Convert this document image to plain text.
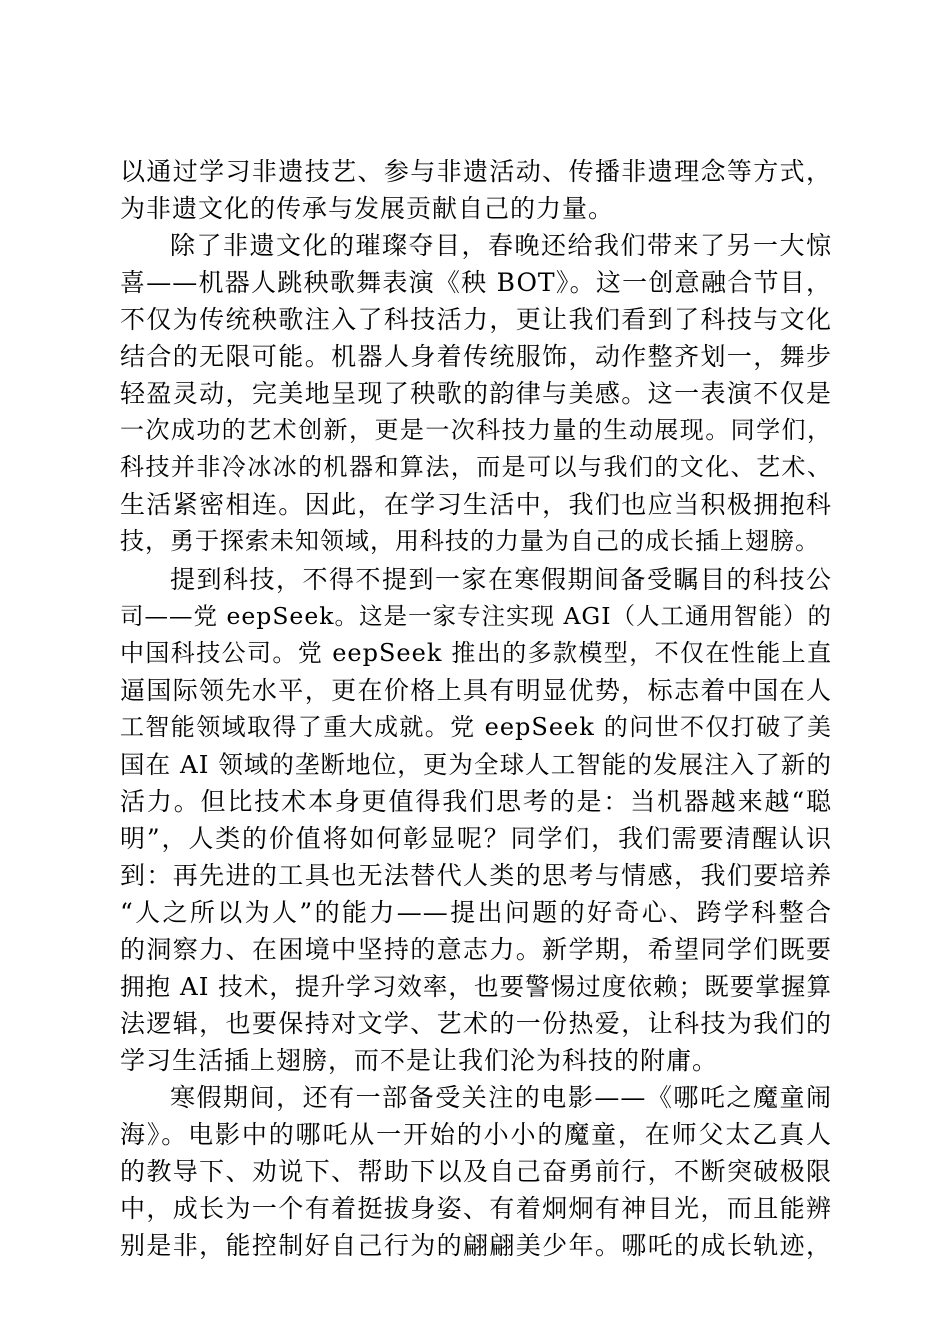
以通过学习非遗技艺、参与非遗活动、传播非遗理念等方式，
为非遗文化的传承与发展贡献自己的力量。
除了非遗文化的璀璨夺目，春晚还给我们带来了另一大惊
喜——机器人跳秧歌舞表演《秧 BOT》。这一创意融合节目，
不仅为传统秧歌注入了科技活力，更让我们看到了科技与文化
结合的无限可能。机器人身着传统服饰，动作整齐划一，舞步
轻盈灵动，完美地呈现了秧歌的韵律与美感。这一表演不仅是
一次成功的艺术创新，更是一次科技力量的生动展现。同学们，
科技并非冷冰冰的机器和算法，而是可以与我们的文化、艺术、
生活紧密相连。因此，在学习生活中，我们也应当积极拥抱科
技，勇于探索未知领域，用科技的力量为自己的成长插上翅膀。
提到科技，不得不提到一家在寒假期间备受瞩目的科技公
司——党 eepSeek。这是一家专注实现 AGI（人工通用智能）的
中国科技公司。党 eepSeek 推出的多款模型，不仅在性能上直
逼国际领先水平，更在价格上具有明显优势，标志着中国在人
工智能领域取得了重大成就。党 eepSeek 的问世不仅打破了美
国在 AI 领域的垄断地位，更为全球人工智能的发展注入了新的
活力。但比技术本身更值得我们思考的是：当机器越来越“聪
明”，人类的价值将如何彰显呢？同学们，我们需要清醒认识
到：再先进的工具也无法替代人类的思考与情感，我们要培养
“人之所以为人”的能力——提出问题的好奇心、跨学科整合
的洞察力、在困境中坚持的意志力。新学期，希望同学们既要
拥抱 AI 技术，提升学习效率，也要警惕过度依赖；既要掌握算
法逻辑，也要保持对文学、艺术的一份热爱，让科技为我们的
学习生活插上翅膀，而不是让我们沦为科技的附庸。
寒假期间，还有一部备受关注的电影——《哪吒之魔童闹
海》。电影中的哪吒从一开始的小小的魔童，在师父太乙真人
的教导下、劝说下、帮助下以及自己奋勇前行，不断突破极限
中，成长为一个有着挺拔身姿、有着炯炯有神目光，而且能辨
别是非，能控制好自己行为的翩翩美少年。哪吒的成长轨迹，
